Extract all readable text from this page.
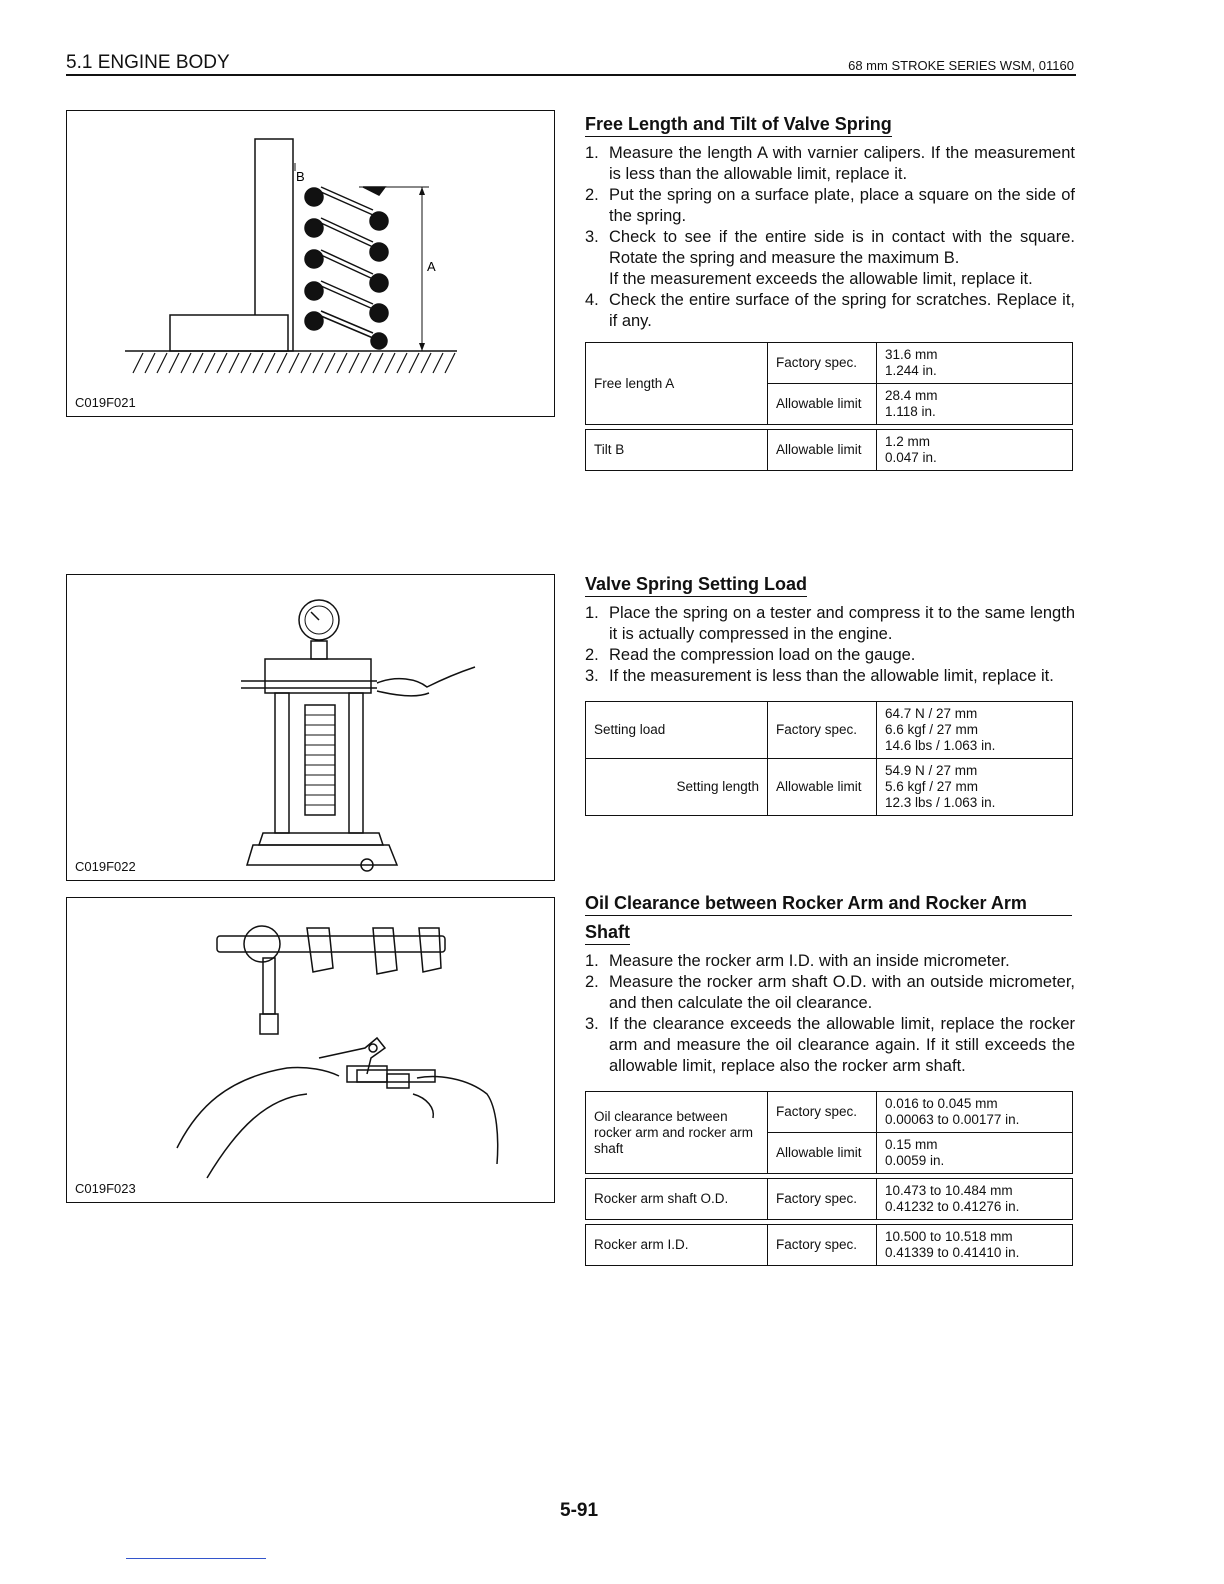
5.1 ENGINE BODY	68 mm STROKE SERIES WSM, 01160
B
A
C019F021
C019F022
C019F023
Free Length and Tilt of Valve Spring
1. Measure the length A with varnier calipers. If the measurement is less than the allowable limit, replace it.
2. Put the spring on a surface plate, place a square on the side of the spring.
3. Check to see if the entire side is in contact with the square. Rotate the spring and measure the maximum B.
If the measurement exceeds the allowable limit, replace it.
4. Check the entire surface of the spring for scratches. Replace it, if any.
Free length A	Factory spec.	31.6 mm
1.244 in.

	Allowable limit	28.4 mm
1.118 in.

Tilt B	Allowable limit	1.2 mm
0.047 in.
Valve Spring Setting Load
1. Place the spring on a tester and compress it to the same length it is actually compressed in the engine.
2. Read the compression load on the gauge.
3. If the measurement is less than the allowable limit, replace it.
Setting load	Factory spec.	64.7 N / 27 mm
6.6 kgf / 27 mm
14.6 lbs / 1.063 in.

Setting length	Allowable limit	54.9 N / 27 mm
5.6 kgf / 27 mm
12.3 lbs / 1.063 in.
Oil Clearance between Rocker Arm and Rocker Arm
Shaft
1. Measure the rocker arm I.D. with an inside micrometer.
2. Measure the rocker arm shaft O.D. with an outside micrometer, and then calculate the oil clearance.
3. If the clearance exceeds the allowable limit, replace the rocker arm and measure the oil clearance again. If it still exceeds the allowable limit, replace also the rocker arm shaft.
Oil clearance between rocker arm and rocker arm shaft	Factory spec.	0.016 to 0.045 mm
0.00063 to 0.00177 in.

	Allowable limit	0.15 mm
0.0059 in.

Rocker arm shaft O.D.	Factory spec.	10.473 to 10.484 mm
0.41232 to 0.41276 in.

Rocker arm I.D.	Factory spec.	10.500 to 10.518 mm
0.41339 to 0.41410 in.
5-91
